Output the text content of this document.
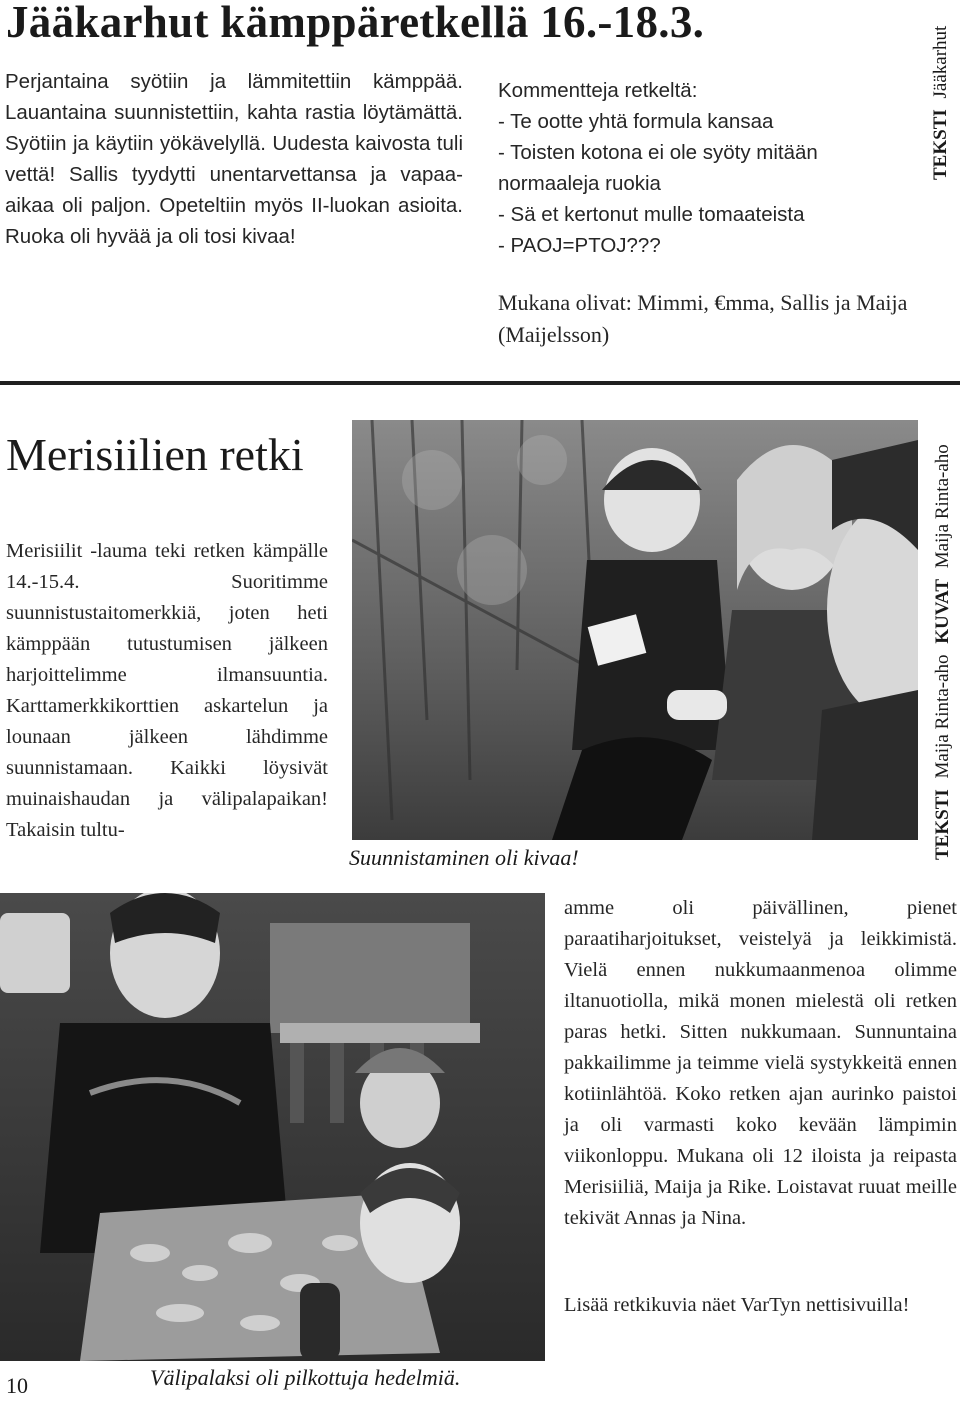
Jääkarhut kämppäretkellä 16.-18.3.
Perjantaina syötiin ja lämmitettiin kämppää. Lauantaina suunnistettiin, kahta rastia löytämättä. Syötiin ja käytiin yökävelyllä. Uudesta kaivosta tuli vettä! Sallis tyydytti unentarvettansa ja vapaa-aikaa oli paljon. Opeteltiin myös II-luokan asioita. Ruoka oli hyvää ja oli tosi kivaa!
Kommentteja retkeltä:
- Te ootte yhtä formula kansaa
- Toisten kotona ei ole syöty mitään
normaaleja ruokia
- Sä et kertonut mulle tomaateista
- PAOJ=PTOJ???
Mukana olivat: Mimmi, €mma, Sallis ja Maija (Maijelsson)
TEKSTI Jääkarhut
Merisiilien retki
Merisiilit -lauma teki retken kämpälle 14.-15.4. Suoritimme suunnistustaitomerkkiä, joten heti kämppään tutustumisen jälkeen harjoittelimme ilmansuuntia. Karttamerkkikorttien askartelun ja lounaan jälkeen lähdimme suunnistamaan. Kaikki löysivät muinaishaudan ja välipalapaikan! Takaisin tultu-
Suunnistaminen oli kivaa!	TEKSTI Maija Rinta-aho KUVAT Maija Rinta-aho
amme oli päivällinen, pienet paraatiharjoitukset, veistelyä ja leikkimistä. Vielä ennen nukkumaanmenoa olimme iltanuotiolla, mikä monen mielestä oli retken paras hetki. Sitten nukkumaan. Sunnuntaina pakkailimme ja teimme vielä systykkeitä ennen kotiinlähtöä. Koko retken ajan aurinko paistoi ja oli varmasti koko kevään lämpimin viikonloppu. Mukana oli 12 iloista ja reipasta Merisiiliä, Maija ja Rike. Loistavat ruuat meille tekivät Annas ja Nina.
Lisää retkikuvia näet VarTyn nettisivuilla!
Välipalaksi oli pilkottuja hedelmiä.
10
